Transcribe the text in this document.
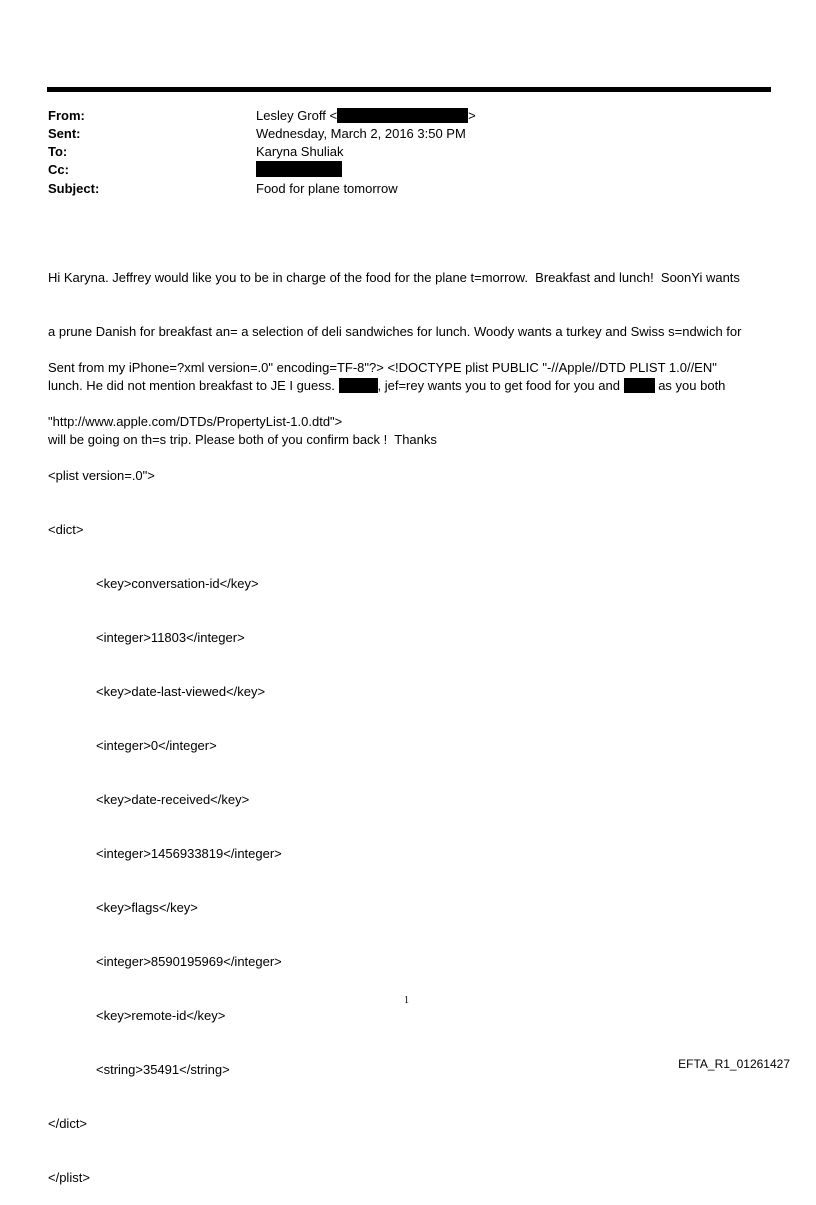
From:	Lesley Groff <	>
Sent:	Wednesday, March 2, 2016 3:50 PM
To:	Karyna Shuliak
Cc:
Subject:	Food for plane tomorrow

Hi Karyna. Jeffrey would like you to be in charge of the food for the plane t=morrow.  Breakfast and lunch!  SoonYi wants

a prune Danish for breakfast an= a selection of deli sandwiches for lunch. Woody wants a turkey and Swiss s=ndwich for

lunch. He did not mention breakfast to JE I guess.	, jef=rey wants you to get food for you and  as you both

will be going on th=s trip. Please both of you confirm back !  Thanks

Sent from my iPhone=?xml version=.0" encoding=TF-8"?> <!DOCTYPE plist PUBLIC "-//Apple//DTD PLIST 1.0//EN"

"http://www.apple.com/DTDs/PropertyList-1.0.dtd">

<plist version=.0">

<dict>

<key>conversation-id</key>

<integer>11803</integer>

<key>date-last-viewed</key>

<integer>0</integer>

<key>date-received</key>

<integer>1456933819</integer>

<key>flags</key>

<integer>8590195969</integer>

<key>remote-id</key>

<string>35491</string>

</dict>

</plist>

1
EFTA_R1_01261427
